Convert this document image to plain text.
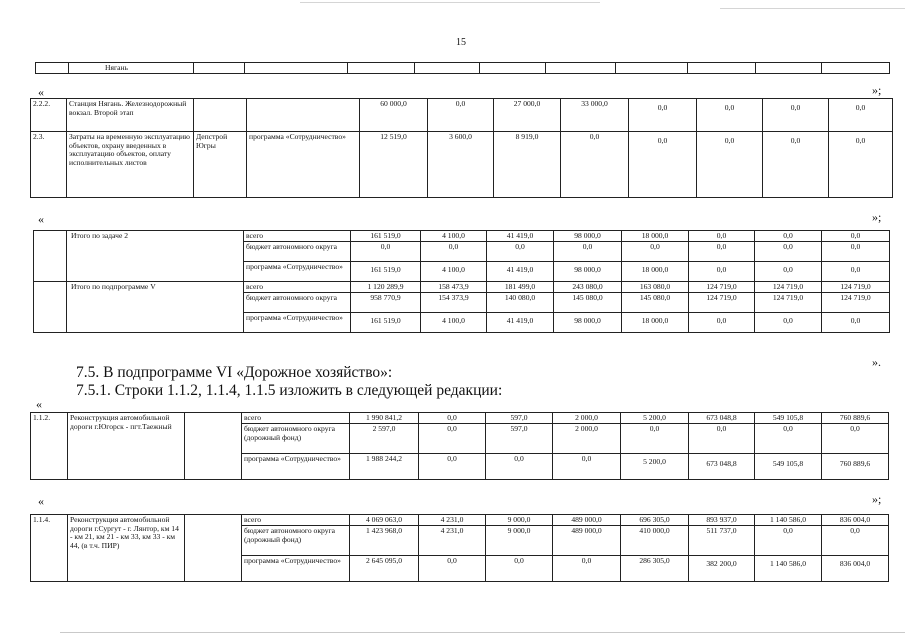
15
	Нягань										
«	»;
2.2.2.	Станция Нягань. Железнодорожный вокзал. Второй этап			60 000,0	0,0	27 000,0	33 000,0	0,0	0,0	0,0	0,0
2.3.	Затраты на временную эксплуатацию объектов, охрану введенных в эксплуатацию объектов, оплату исполнительных листов	Депстрой Югры	программа «Сотрудничество»	12 519,0	3 600,0	8 919,0	0,0	0,0	0,0	0,0	0,0
«	»;
	Итого по задаче 2	всего	161 519,0	4 100,0	41 419,0	98 000,0	18 000,0	0,0	0,0	0,0
		бюджет автономного округа	0,0	0,0	0,0	0,0	0,0	0,0	0,0	0,0
		программа «Сотрудничество»	161 519,0	4 100,0	41 419,0	98 000,0	18 000,0	0,0	0,0	0,0
	Итого по подпрограмме V	всего	1 120 289,9	158 473,9	181 499,0	243 080,0	163 080,0	124 719,0	124 719,0	124 719,0
		бюджет автономного округа	958 770,9	154 373,9	140 080,0	145 080,0	145 080,0	124 719,0	124 719,0	124 719,0
		программа «Сотрудничество»	161 519,0	4 100,0	41 419,0	98 000,0	18 000,0	0,0	0,0	0,0
».
7.5. В подпрограмме VI «Дорожное хозяйство»:
7.5.1. Строки 1.1.2, 1.1.4, 1.1.5 изложить в следующей редакции:
«
1.1.2.	Реконструкция автомобильной дороги г.Югорск - пгт.Таежный		всего	1 990 841,2	0,0	597,0	2 000,0	5 200,0	673 048,8	549 105,8	760 889,6
			бюджет автономного округа (дорожный фонд)	2 597,0	0,0	597,0	2 000,0	0,0	0,0	0,0	0,0
			программа «Сотрудничество»	1 988 244,2	0,0	0,0	0,0	5 200,0	673 048,8	549 105,8	760 889,6
«	»;
1.1.4.	Реконструкция автомобильной дороги г.Сургут - г. Лянтор, км 14 - км 21, км 21 - км 33, км 33 - км 44, (в т.ч. ПИР)		всего	4 069 063,0	4 231,0	9 000,0	489 000,0	696 305,0	893 937,0	1 140 586,0	836 004,0
			бюджет автономного округа (дорожный фонд)	1 423 968,0	4 231,0	9 000,0	489 000,0	410 000,0	511 737,0	0,0	0,0
			программа «Сотрудничество»	2 645 095,0	0,0	0,0	0,0	286 305,0	382 200,0	1 140 586,0	836 004,0
